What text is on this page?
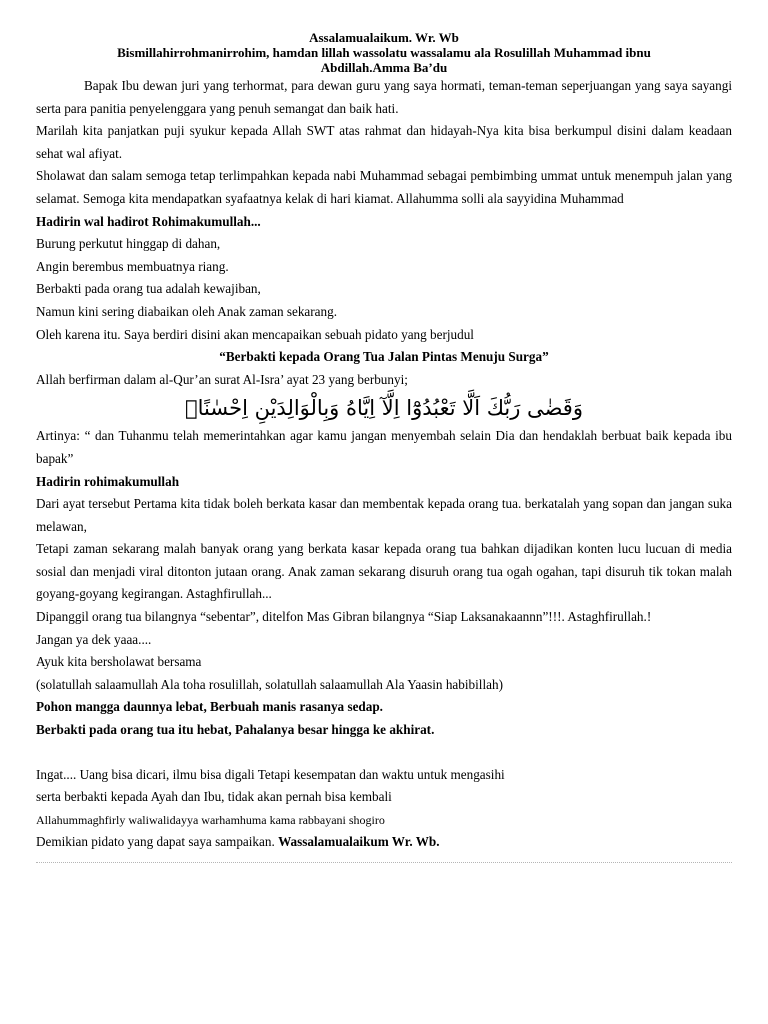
Assalamualaikum. Wr. Wb

Bismillahirrohmanirrohim, hamdan lillah wassolatu wassalamu ala Rosulillah Muhammad ibnu

Abdillah.Amma Ba’du

Bapak Ibu dewan juri yang terhormat, para dewan guru yang saya hormati, teman-teman seperjuangan yang saya sayangi serta para panitia penyelenggara yang penuh semangat dan baik hati.

Marilah kita panjatkan puji syukur kepada Allah SWT atas rahmat dan hidayah-Nya kita bisa berkumpul disini dalam keadaan sehat wal afiyat.

Sholawat dan salam semoga tetap terlimpahkan kepada nabi Muhammad sebagai pembimbing ummat untuk menempuh jalan yang selamat. Semoga kita mendapatkan syafaatnya kelak di hari kiamat. Allahumma solli ala sayyidina Muhammad

Hadirin wal hadirot Rohimakumullah...

Burung perkutut hinggap di dahan,

Angin berembus membuatnya riang.

Berbakti pada orang tua adalah kewajiban,

Namun kini sering diabaikan oleh Anak zaman sekarang.

Oleh karena itu. Saya berdiri disini akan mencapaikan sebuah pidato yang berjudul

“Berbakti kepada Orang Tua Jalan Pintas Menuju Surga”

Allah berfirman dalam al-Qur’an surat Al-Isra’ ayat 23 yang berbunyi;

وَقَضٰى رَبُّكَ اَلَّا تَعْبُدُوْٓا اِلَّآ اِيَّاهُ وَبِالْوَالِدَيْنِ اِحْسٰنًاۗ

Artinya: “ dan Tuhanmu telah memerintahkan agar kamu jangan menyembah selain Dia dan hendaklah berbuat baik kepada ibu bapak”

Hadirin rohimakumullah

Dari ayat tersebut Pertama kita tidak boleh berkata kasar dan membentak kepada orang tua. berkatalah yang sopan dan jangan suka melawan,

Tetapi zaman sekarang malah banyak orang yang berkata kasar kepada orang tua bahkan dijadikan konten lucu lucuan di media sosial dan menjadi viral ditonton jutaan orang. Anak zaman sekarang disuruh orang tua ogah ogahan, tapi disuruh tik tokan malah goyang-goyang kegirangan. Astaghfirullah...

Dipanggil orang tua bilangnya “sebentar”, ditelfon Mas Gibran bilangnya “Siap Laksanakaannn”!!!. Astaghfirullah.!

Jangan ya dek yaaa....

Ayuk kita bersholawat bersama

(solatullah salaamullah Ala toha rosulillah, solatullah salaamullah Ala Yaasin habibillah)

Pohon mangga daunnya lebat, Berbuah manis rasanya sedap.

Berbakti pada orang tua itu hebat, Pahalanya besar hingga ke akhirat.

Ingat.... Uang bisa dicari, ilmu bisa digali Tetapi kesempatan dan waktu untuk mengasihi

serta berbakti kepada Ayah dan Ibu, tidak akan pernah bisa kembali

Allahummaghfirly waliwalidayya warhamhuma kama rabbayani shogiro

Demikian pidato yang dapat saya sampaikan. Wassalamualaikum Wr. Wb.
